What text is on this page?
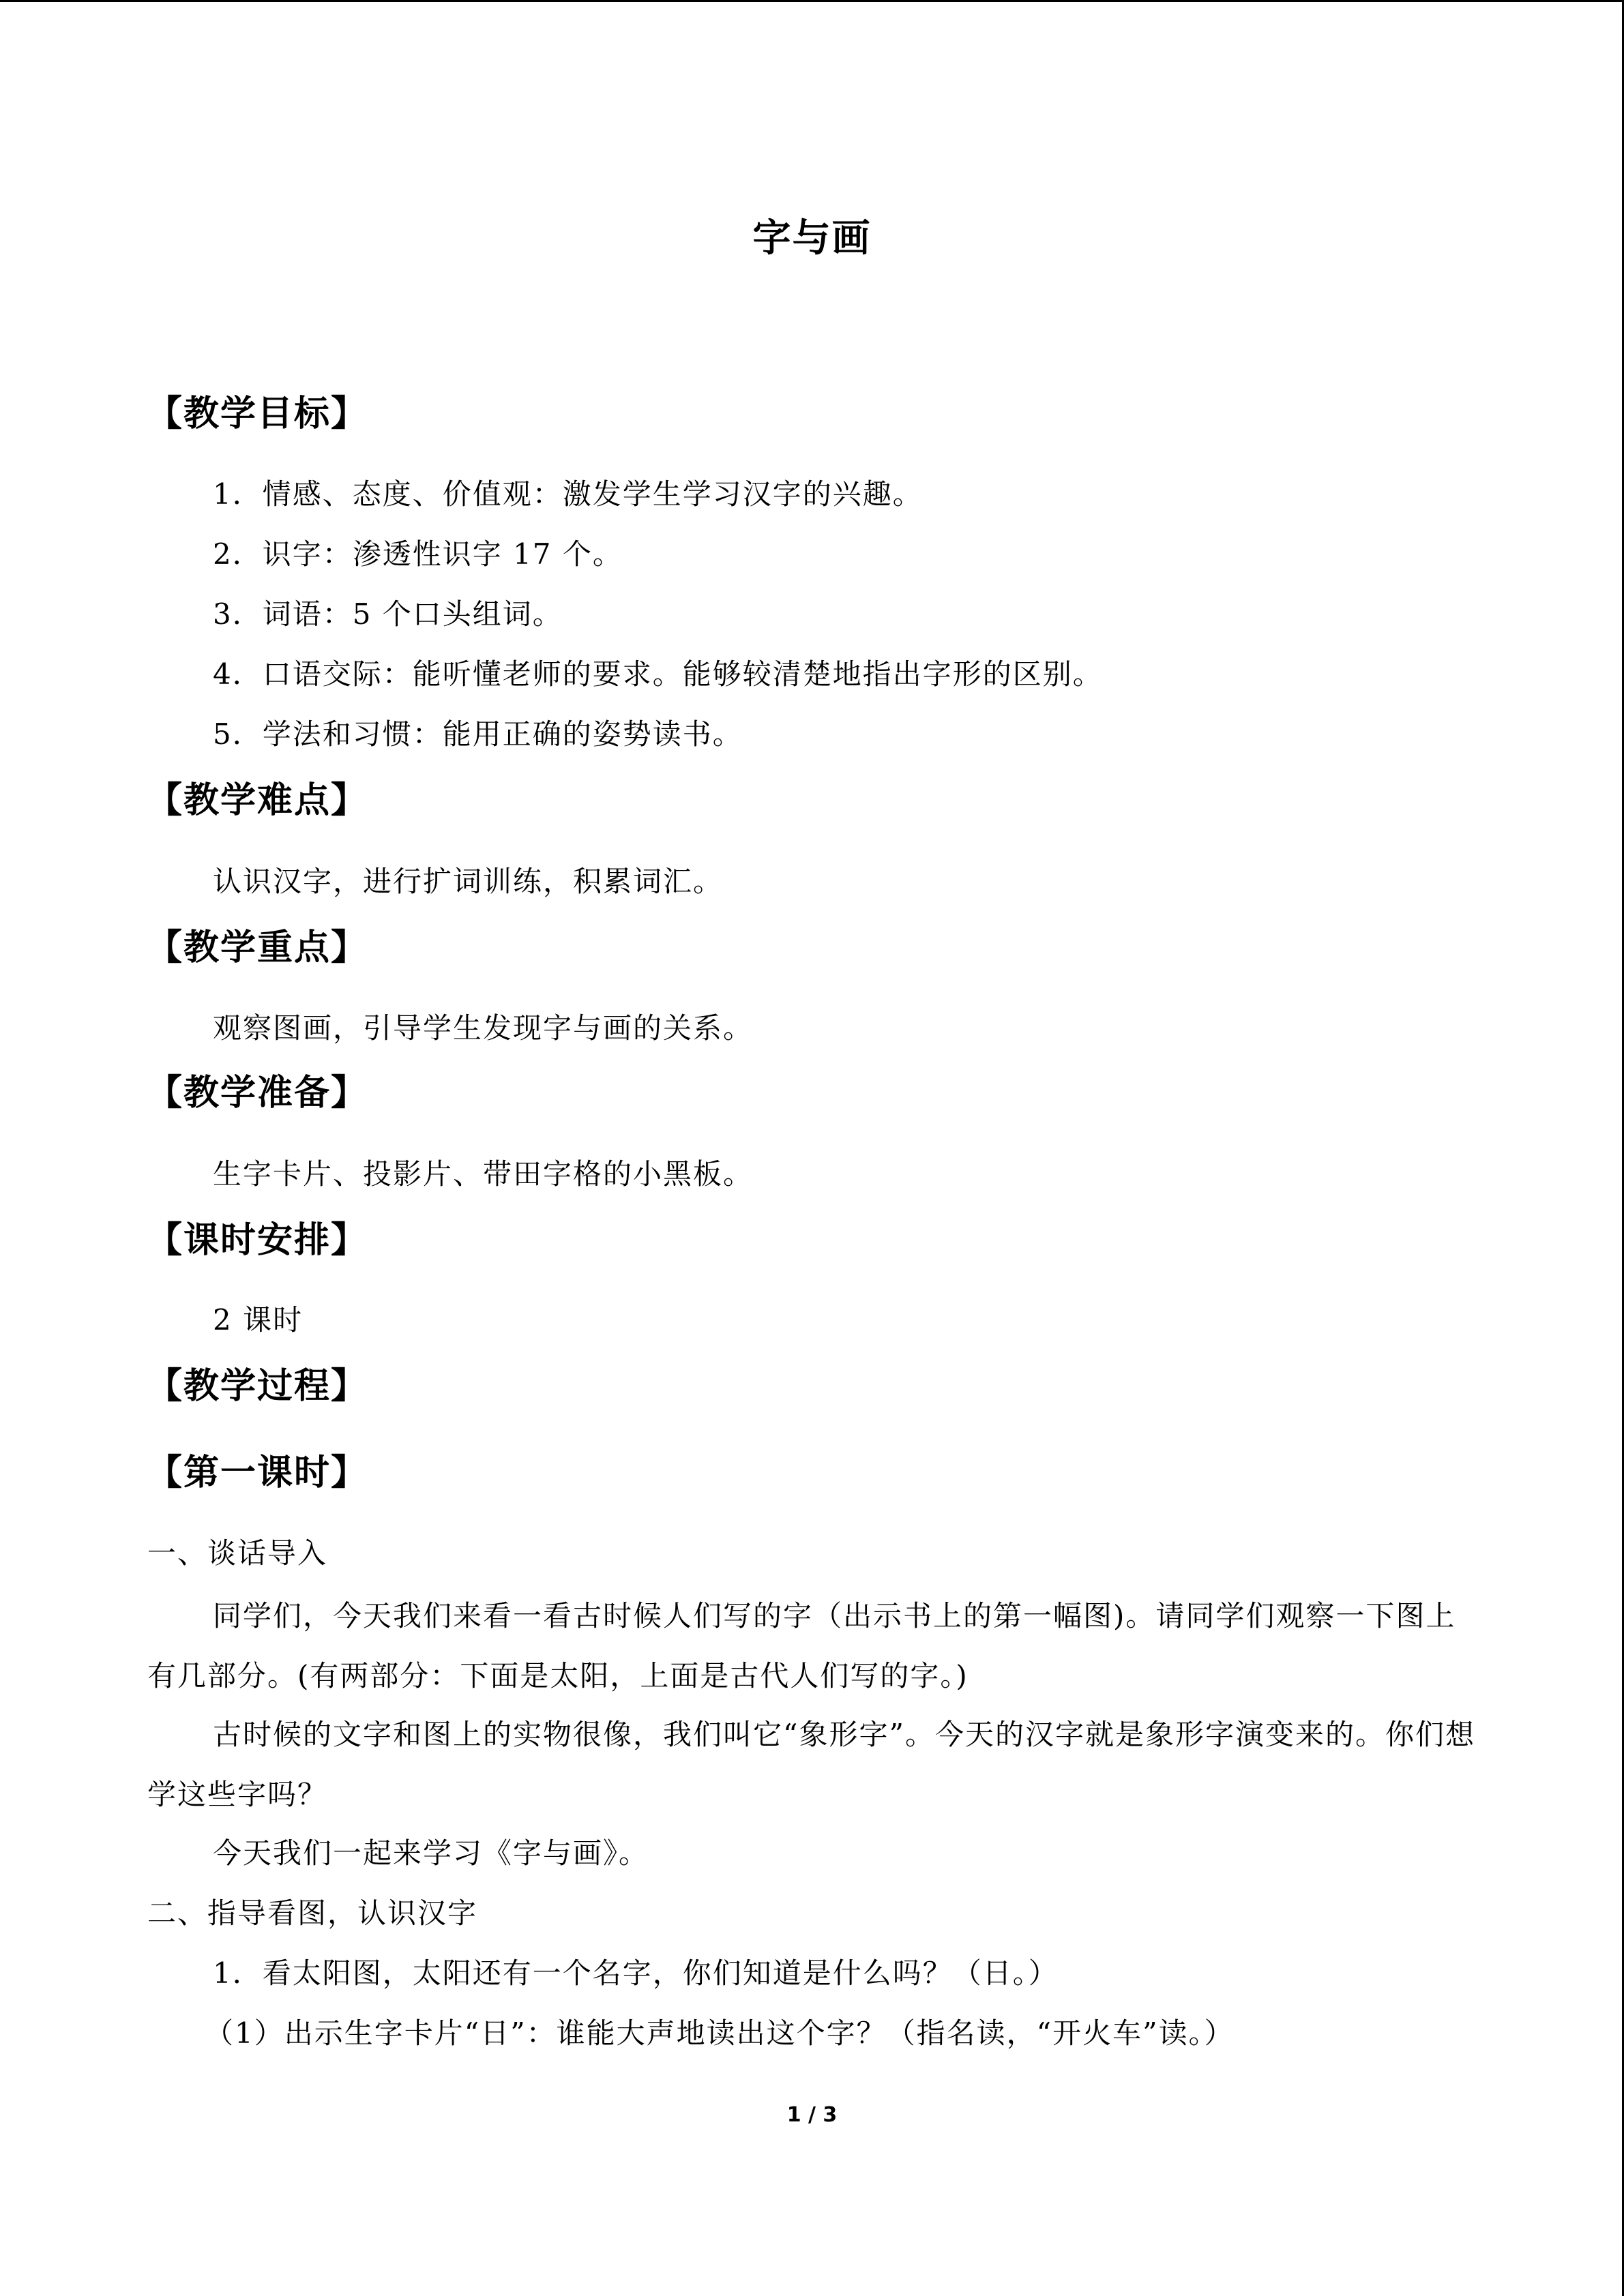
字与画
【教学目标】
1．情感、态度、价值观：激发学生学习汉字的兴趣。
2．识字：渗透性识字 17 个。
3．词语：5 个口头组词。
4．口语交际：能听懂老师的要求。能够较清楚地指出字形的区别。
5．学法和习惯：能用正确的姿势读书。
【教学难点】
认识汉字，进行扩词训练，积累词汇。
【教学重点】
观察图画，引导学生发现字与画的关系。
【教学准备】
生字卡片、投影片、带田字格的小黑板。
【课时安排】
2 课时
【教学过程】
【第一课时】
一、谈话导入
同学们，今天我们来看一看古时候人们写的字（出示书上的第一幅图)。请同学们观察一下图上有几部分。(有两部分：下面是太阳，上面是古代人们写的字。)
古时候的文字和图上的实物很像，我们叫它“象形字”。今天的汉字就是象形字演变来的。你们想学这些字吗？
今天我们一起来学习《字与画》。
二、指导看图，认识汉字
1．看太阳图，太阳还有一个名字，你们知道是什么吗？（日。）
（1）出示生字卡片“日”：谁能大声地读出这个字？（指名读，“开火车”读。）
1 / 3
